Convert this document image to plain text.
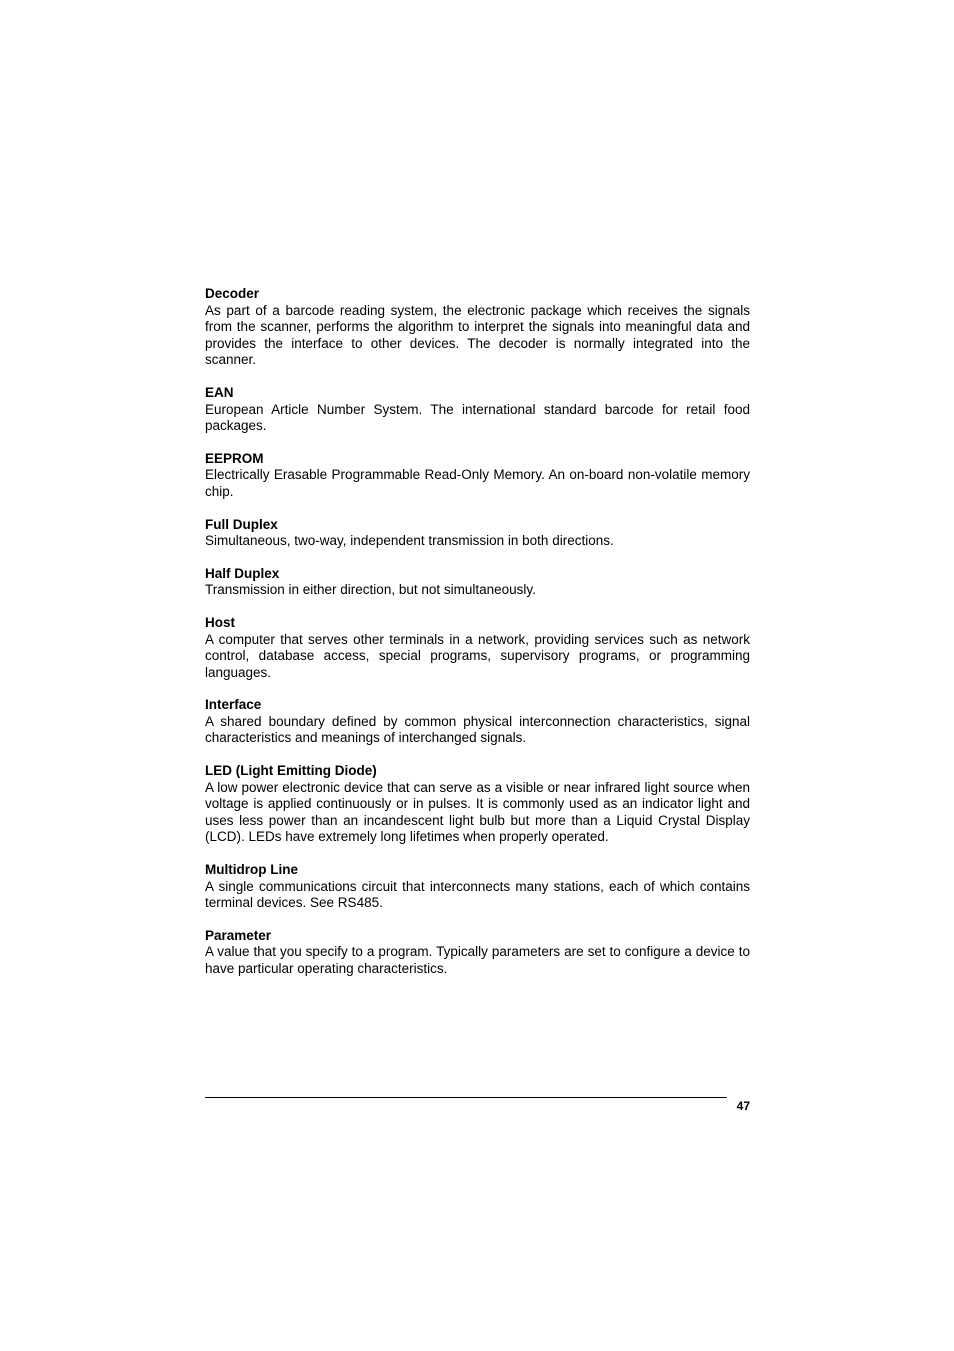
Decoder

As part of a barcode reading system, the electronic package which receives the signals from the scanner, performs the algorithm to interpret the signals into meaningful data and provides the interface to other devices. The decoder is normally integrated into the scanner.

EAN

European Article Number System. The international standard barcode for retail food packages.

EEPROM

Electrically Erasable Programmable Read-Only Memory. An on-board non-volatile memory chip.

Full Duplex

Simultaneous, two-way, independent transmission in both directions.

Half Duplex

Transmission in either direction, but not simultaneously.

Host

A computer that serves other terminals in a network, providing services such as network control, database access, special programs, supervisory programs, or programming languages.

Interface

A shared boundary defined by common physical interconnection characteristics, signal characteristics and meanings of interchanged signals.

LED (Light Emitting Diode)

A low power electronic device that can serve as a visible or near infrared light source when voltage is applied continuously or in pulses. It is commonly used as an indicator light and uses less power than an incandescent light bulb but more than a Liquid Crystal Display (LCD). LEDs have extremely long lifetimes when properly operated.

Multidrop Line

A single communications circuit that interconnects many stations, each of which contains terminal devices. See RS485.

Parameter

A value that you specify to a program. Typically parameters are set to configure a device to have particular operating characteristics.

47
